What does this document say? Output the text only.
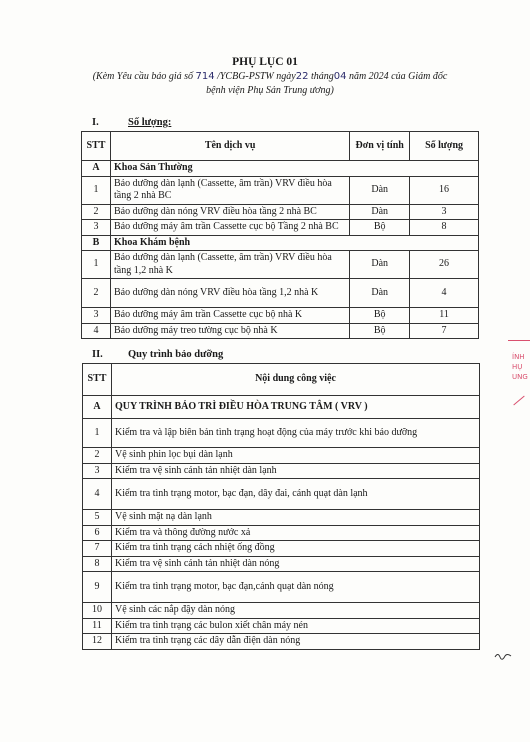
PHỤ LỤC 01
(Kèm Yêu cầu báo giá số 714 /YCBG-PSTW ngày22 tháng04 năm 2024 của Giám đốc
bệnh viện Phụ Sản Trung ương)
I.	Số lượng:
STT	Tên dịch vụ	Đơn vị tính	Số lượng
A	Khoa Sản Thường		
1	Bảo dưỡng dàn lạnh (Cassette, âm trần) VRV điều hòa tầng 2 nhà BC	Dàn	16
2	Bảo dưỡng dàn nóng VRV điều hòa tầng 2 nhà BC	Dàn	3
3	Bảo dưỡng máy âm trần Cassette cục bộ Tầng 2 nhà BC	Bộ	8
B	Khoa Khám bệnh		
1	Bảo dưỡng dàn lạnh (Cassette, âm trần) VRV điều hòa tầng 1,2 nhà K	Dàn	26
2	Bảo dưỡng dàn nóng VRV điều hòa tầng 1,2 nhà K	Dàn	4
3	Bảo dưỡng máy âm trần Cassette cục bộ nhà K	Bộ	11
4	Bảo dưỡng máy treo tường cục bộ nhà K	Bộ	7
II. Quy trình bảo dưỡng
STT	Nội dung công việc
A	QUY TRÌNH BẢO TRÌ ĐIỀU HÒA TRUNG TÂM ( VRV )
1	Kiểm tra và lập biên bản tình trạng hoạt động của máy trước khi bảo dưỡng
2	Vệ sinh phin lọc bụi dàn lạnh
3	Kiểm tra vệ sinh cánh tản nhiệt dàn lạnh
4	Kiểm tra tình trạng motor, bạc đạn, dây đai, cánh quạt dàn lạnh
5	Vệ sinh mặt nạ dàn lạnh
6	Kiểm tra và thông đường nước xả
7	Kiểm tra tình trạng cách nhiệt ống đồng
8	Kiểm tra vệ sinh cánh tản nhiệt dàn nóng
9	Kiểm tra tình trạng motor, bạc đạn,cánh quạt dàn nóng
10	Vệ sinh các nắp đậy dàn nóng
11	Kiểm tra tình trạng các bulon xiết chân máy nén
12	Kiểm tra tình trạng các dây dẫn điện dàn nóng
ÍNH
HỤ
UNG
